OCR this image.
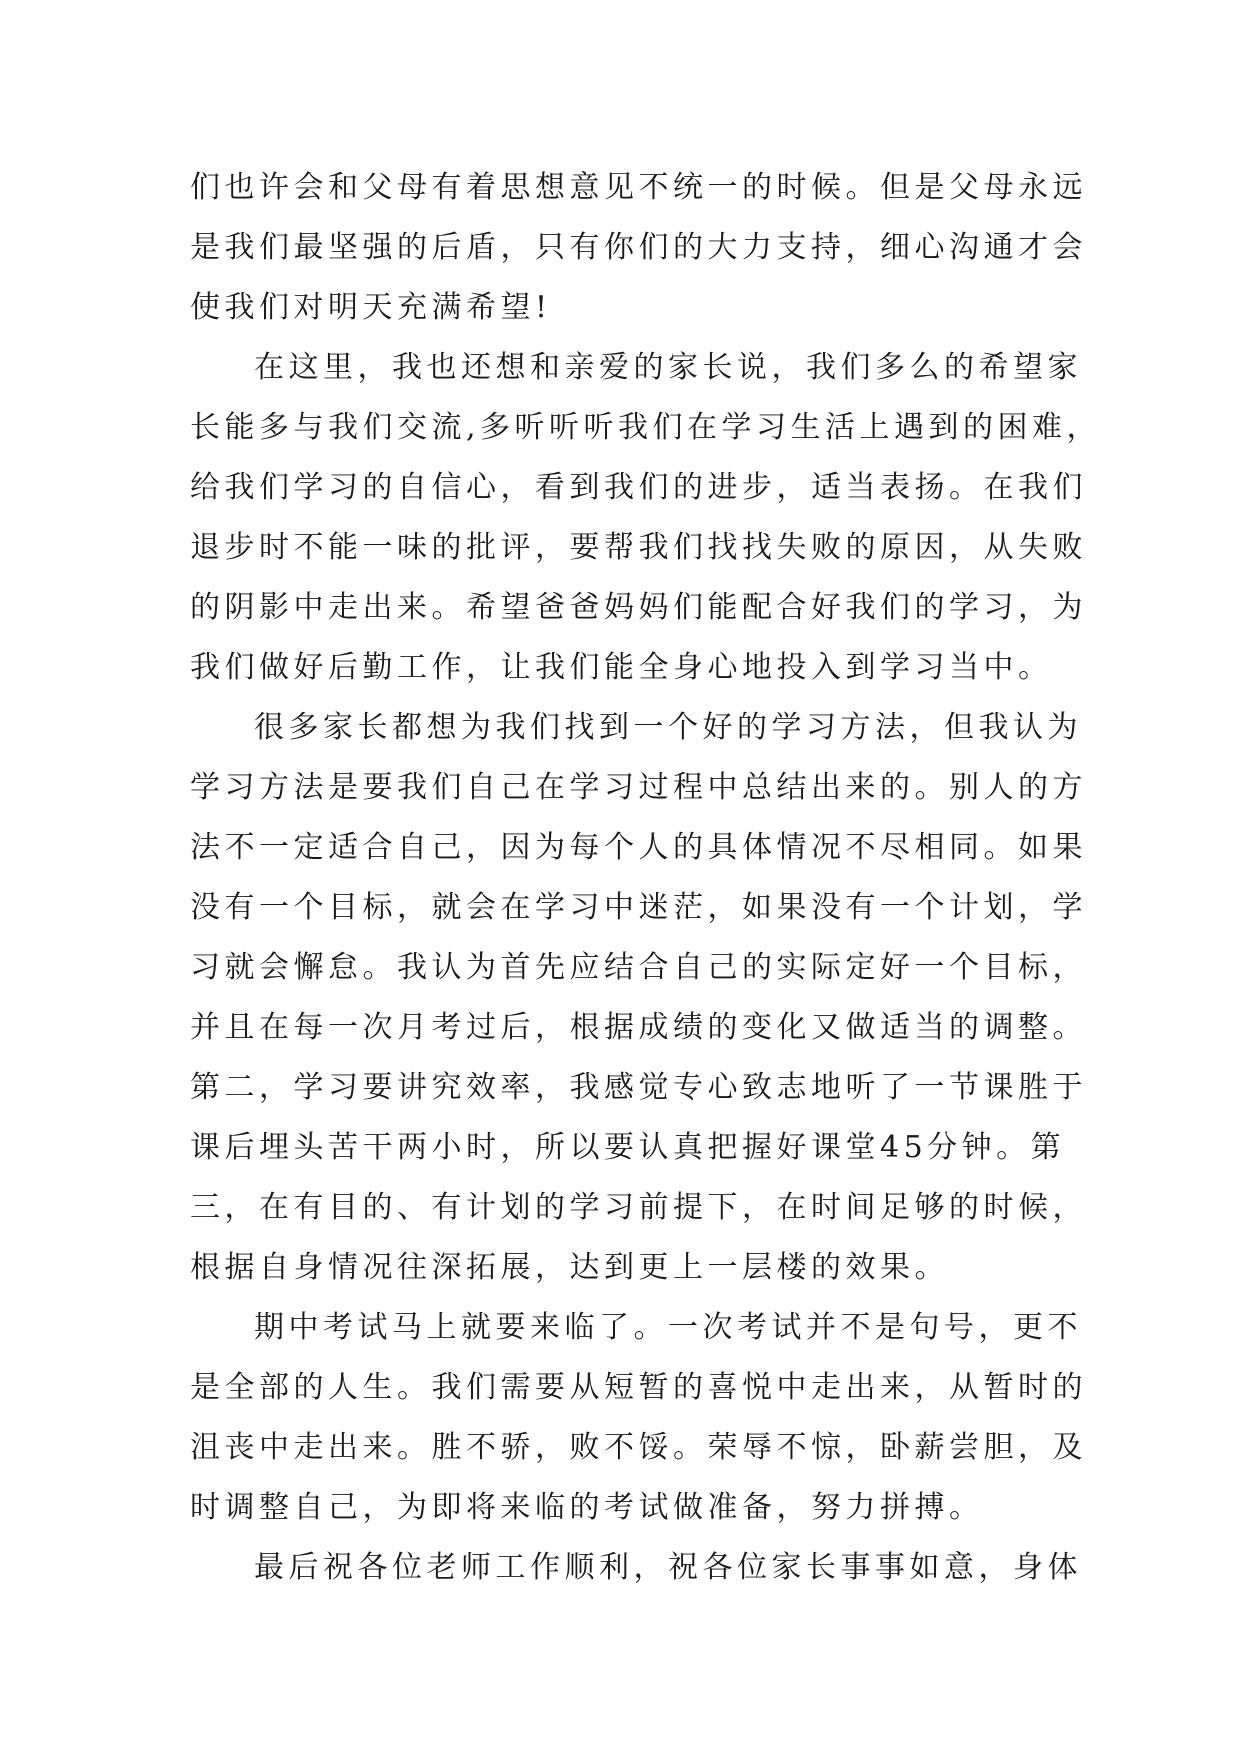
们也许会和父母有着思想意见不统一的时候。但是父母永远
是我们最坚强的后盾，只有你们的大力支持，细心沟通才会
使我们对明天充满希望!
在这里，我也还想和亲爱的家长说，我们多么的希望家
长能多与我们交流,多听听听我们在学习生活上遇到的困难，
给我们学习的自信心，看到我们的进步，适当表扬。在我们
退步时不能一味的批评，要帮我们找找失败的原因，从失败
的阴影中走出来。希望爸爸妈妈们能配合好我们的学习，为
我们做好后勤工作，让我们能全身心地投入到学习当中。
很多家长都想为我们找到一个好的学习方法，但我认为
学习方法是要我们自己在学习过程中总结出来的。别人的方
法不一定适合自己，因为每个人的具体情况不尽相同。如果
没有一个目标，就会在学习中迷茫，如果没有一个计划，学
习就会懈怠。我认为首先应结合自己的实际定好一个目标，
并且在每一次月考过后，根据成绩的变化又做适当的调整。
第二，学习要讲究效率，我感觉专心致志地听了一节课胜于
课后埋头苦干两小时，所以要认真把握好课堂45分钟。第
三，在有目的、有计划的学习前提下，在时间足够的时候，
根据自身情况往深拓展，达到更上一层楼的效果。
期中考试马上就要来临了。一次考试并不是句号，更不
是全部的人生。我们需要从短暂的喜悦中走出来，从暂时的
沮丧中走出来。胜不骄，败不馁。荣辱不惊，卧薪尝胆，及
时调整自己，为即将来临的考试做准备，努力拼搏。
最后祝各位老师工作顺利，祝各位家长事事如意，身体
